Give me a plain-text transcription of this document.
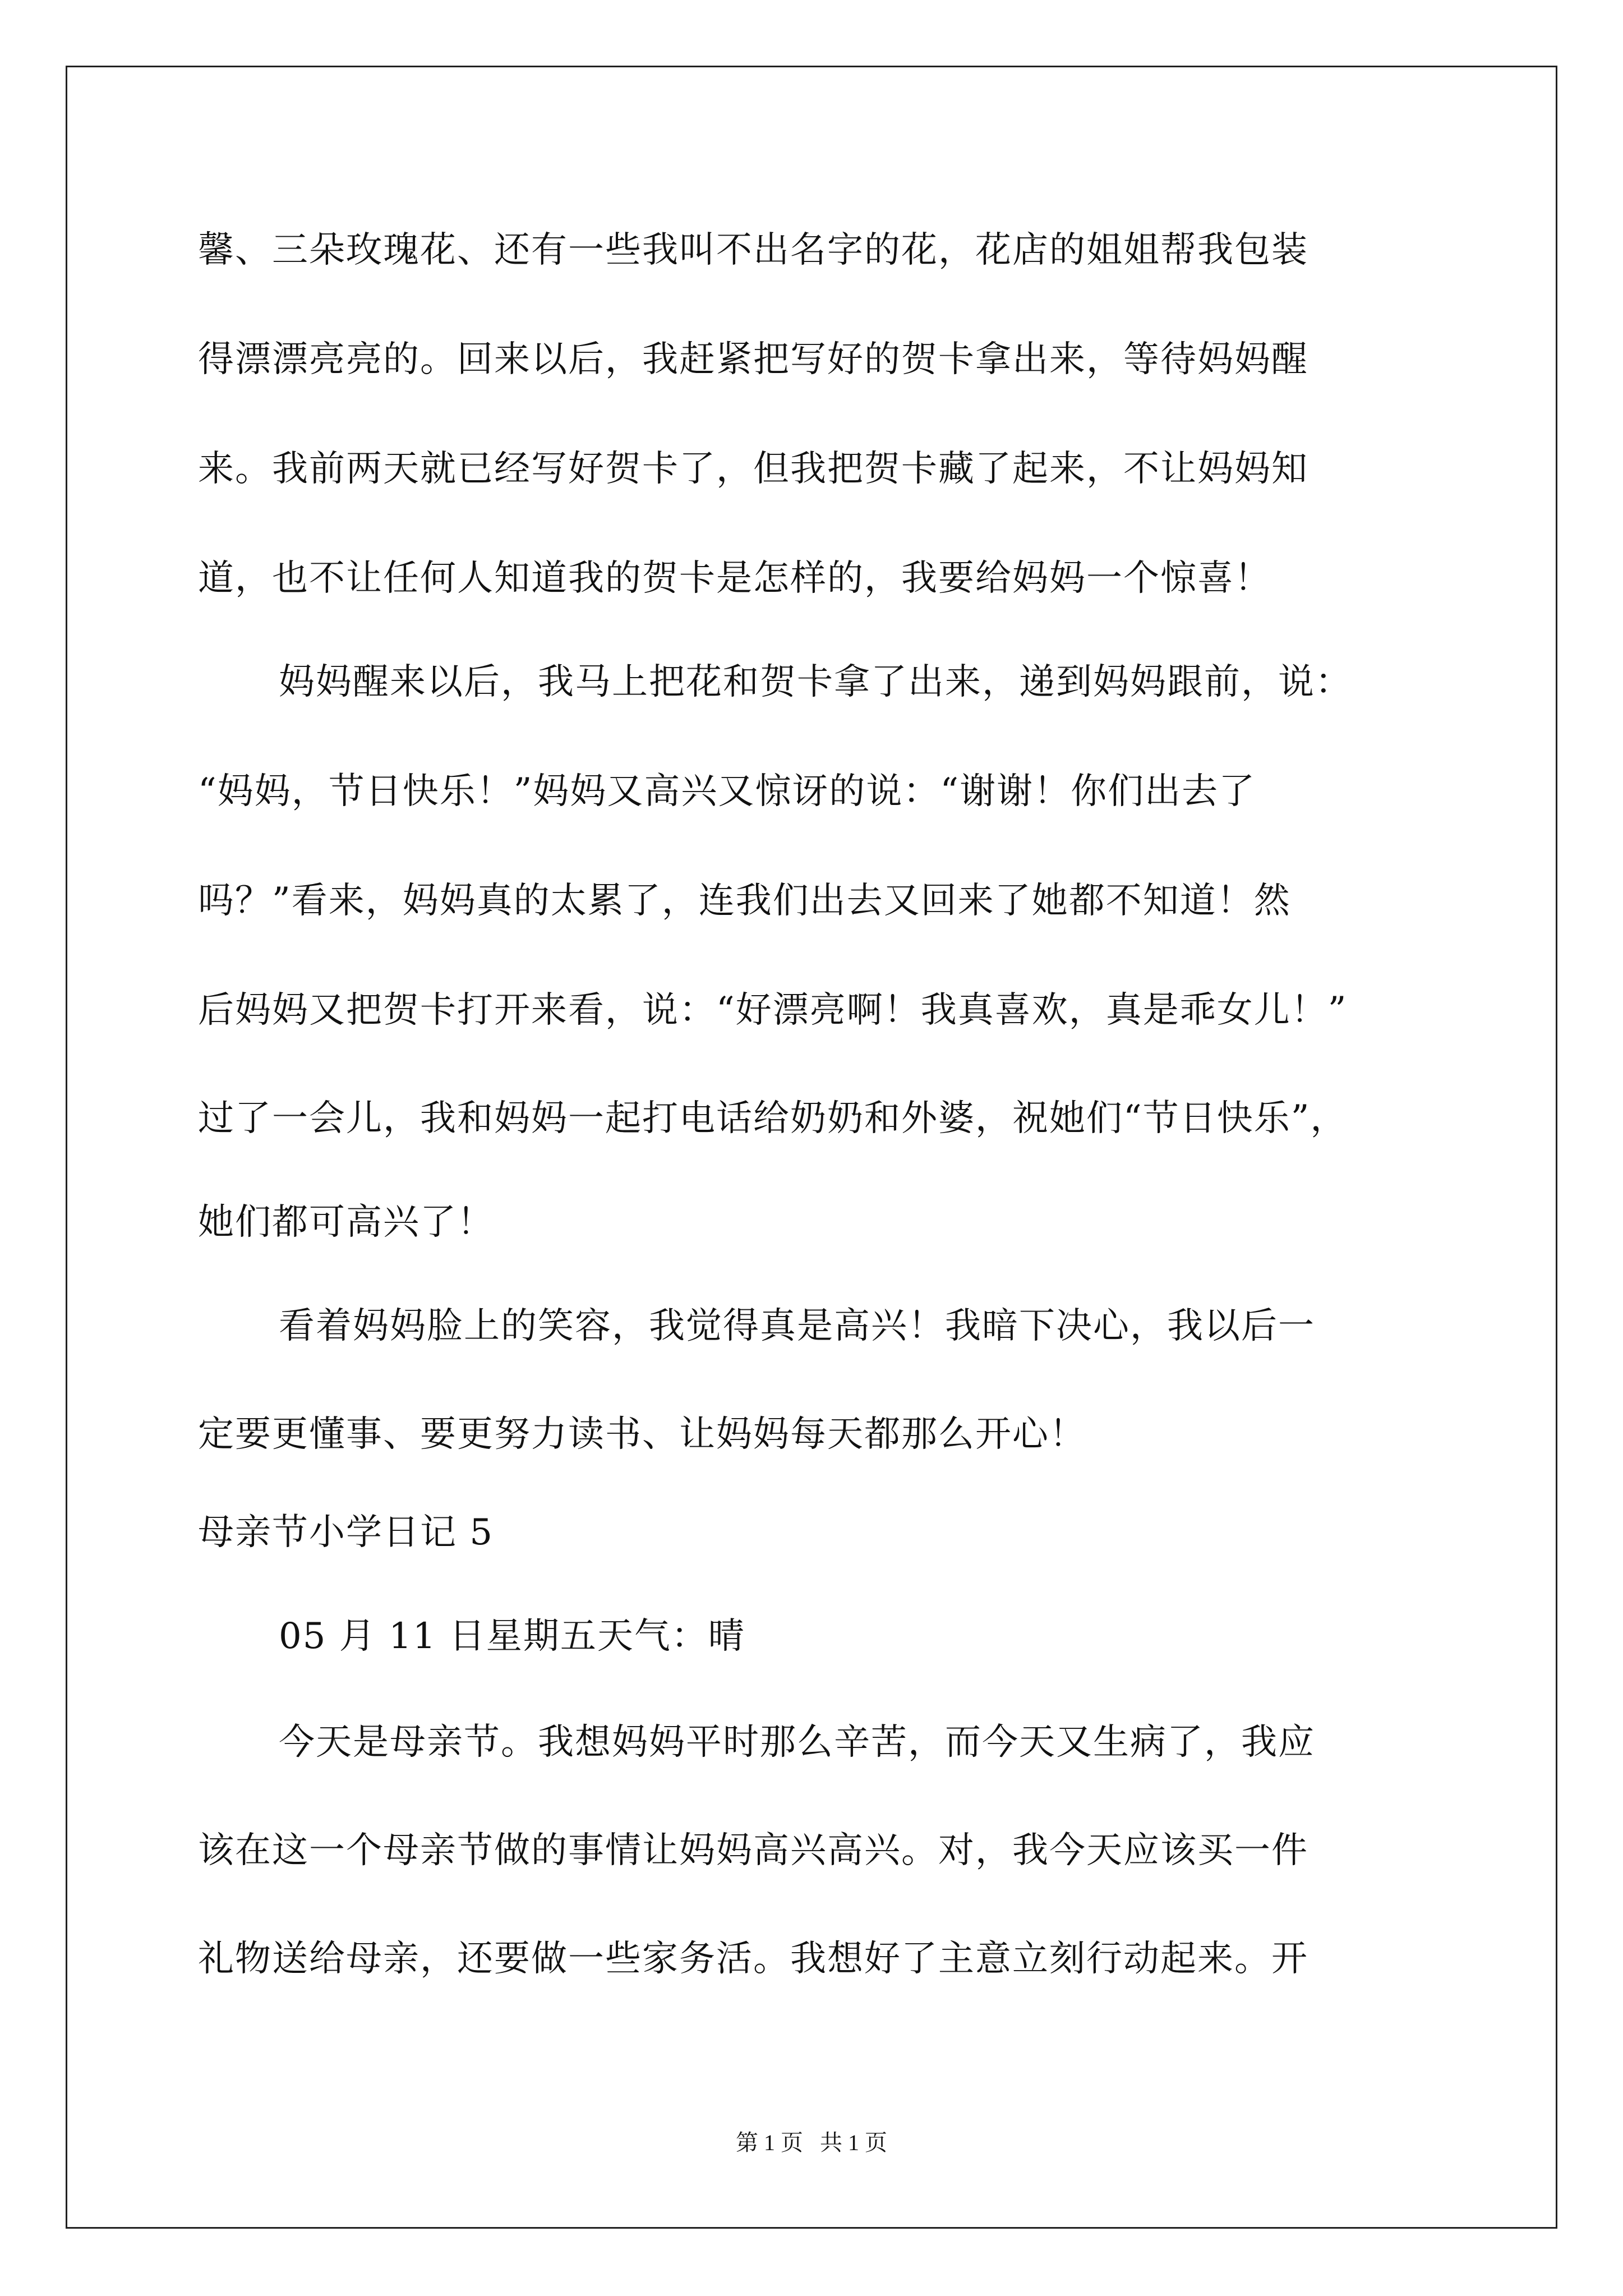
馨、三朵玫瑰花、还有一些我叫不出名字的花，花店的姐姐帮我包装
得漂漂亮亮的。回来以后，我赶紧把写好的贺卡拿出来，等待妈妈醒
来。我前两天就已经写好贺卡了，但我把贺卡藏了起来，不让妈妈知
道，也不让任何人知道我的贺卡是怎样的，我要给妈妈一个惊喜！
妈妈醒来以后，我马上把花和贺卡拿了出来，递到妈妈跟前，说：
“妈妈，节日快乐！”妈妈又高兴又惊讶的说：“谢谢！你们出去了
吗？”看来，妈妈真的太累了，连我们出去又回来了她都不知道！然
后妈妈又把贺卡打开来看，说：“好漂亮啊！我真喜欢，真是乖女儿！”
过了一会儿，我和妈妈一起打电话给奶奶和外婆，祝她们“节日快乐”，
她们都可高兴了！
看着妈妈脸上的笑容，我觉得真是高兴！我暗下决心，我以后一
定要更懂事、要更努力读书、让妈妈每天都那么开心！
母亲节小学日记 5
05 月 11 日星期五天气：晴
今天是母亲节。我想妈妈平时那么辛苦，而今天又生病了，我应
该在这一个母亲节做的事情让妈妈高兴高兴。对，我今天应该买一件
礼物送给母亲，还要做一些家务活。我想好了主意立刻行动起来。开
第 1 页   共 1 页
